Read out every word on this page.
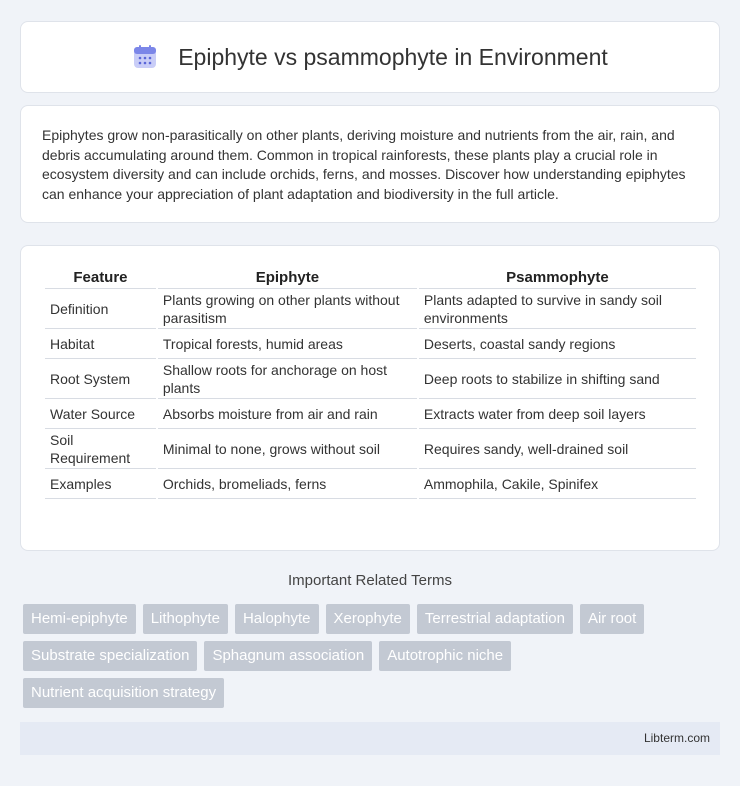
Epiphyte vs psammophyte in Environment

Epiphytes grow non-parasitically on other plants, deriving moisture and nutrients from the air, rain, and debris accumulating around them. Common in tropical rainforests, these plants play a crucial role in ecosystem diversity and can include orchids, ferns, and mosses. Discover how understanding epiphytes can enhance your appreciation of plant adaptation and biodiversity in the full article.

Feature	Epiphyte	Psammophyte
Definition	Plants growing on other plants without parasitism	Plants adapted to survive in sandy soil environments
Habitat	Tropical forests, humid areas	Deserts, coastal sandy regions
Root System	Shallow roots for anchorage on host plants	Deep roots to stabilize in shifting sand
Water Source	Absorbs moisture from air and rain	Extracts water from deep soil layers
Soil Requirement	Minimal to none, grows without soil	Requires sandy, well-drained soil
Examples	Orchids, bromeliads, ferns	Ammophila, Cakile, Spinifex
Important Related Terms
Hemi-epiphyte	Lithophyte	Halophyte	Xerophyte	Terrestrial adaptation	Air root
Substrate specialization	Sphagnum association	Autotrophic niche
Nutrient acquisition strategy
Libterm.com
